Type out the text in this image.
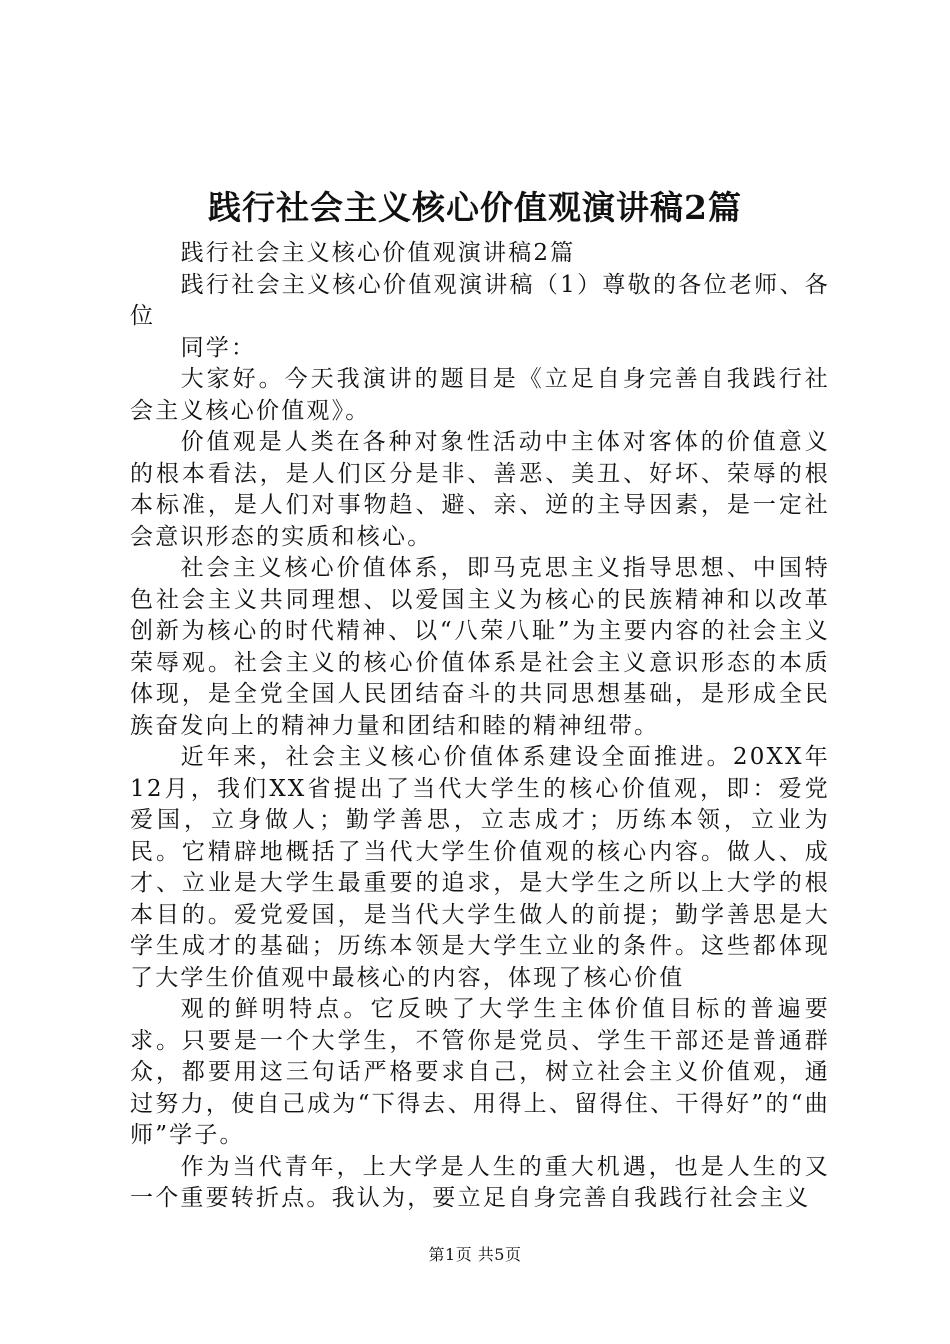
践行社会主义核心价值观演讲稿2篇

践行社会主义核心价值观演讲稿2篇

践行社会主义核心价值观演讲稿（1）尊敬的各位老师、各位

同学：

大家好。今天我演讲的题目是《立足自身完善自我践行社会主义核心价值观》。

价值观是人类在各种对象性活动中主体对客体的价值意义的根本看法，是人们区分是非、善恶、美丑、好坏、荣辱的根本标准，是人们对事物趋、避、亲、逆的主导因素，是一定社会意识形态的实质和核心。

社会主义核心价值体系，即马克思主义指导思想、中国特色社会主义共同理想、以爱国主义为核心的民族精神和以改革创新为核心的时代精神、以“八荣八耻”为主要内容的社会主义荣辱观。社会主义的核心价值体系是社会主义意识形态的本质体现，是全党全国人民团结奋斗的共同思想基础，是形成全民族奋发向上的精神力量和团结和睦的精神纽带。

近年来，社会主义核心价值体系建设全面推进。20XX年12月，我们XX省提出了当代大学生的核心价值观，即：爱党爱国，立身做人；勤学善思，立志成才；历练本领，立业为民。它精辟地概括了当代大学生价值观的核心内容。做人、成才、立业是大学生最重要的追求，是大学生之所以上大学的根本目的。爱党爱国，是当代大学生做人的前提；勤学善思是大学生成才的基础；历练本领是大学生立业的条件。这些都体现了大学生价值观中最核心的内容，体现了核心价值

观的鲜明特点。它反映了大学生主体价值目标的普遍要求。只要是一个大学生，不管你是党员、学生干部还是普通群众，都要用这三句话严格要求自己，树立社会主义价值观，通过努力，使自己成为“下得去、用得上、留得住、干得好”的“曲师”学子。

作为当代青年，上大学是人生的重大机遇，也是人生的又一个重要转折点。我认为，要立足自身完善自我践行社会主义

第1页 共5页
